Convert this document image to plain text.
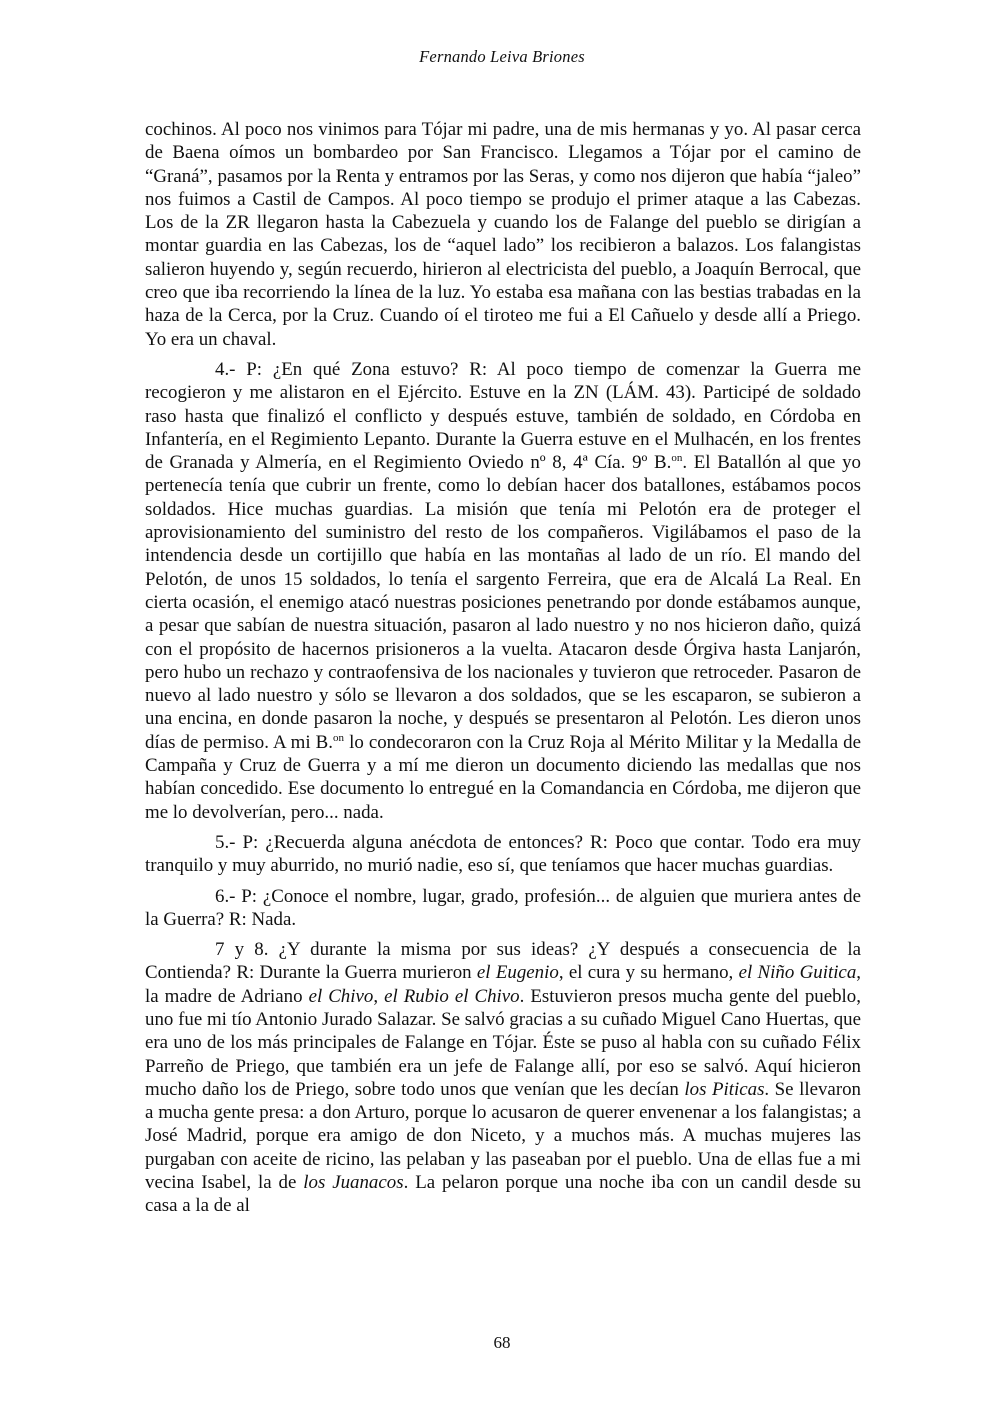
Fernando Leiva Briones

cochinos. Al poco nos vinimos para Tójar mi padre, una de mis hermanas y yo. Al pasar cerca de Baena oímos un bombardeo por San Francisco. Llegamos a Tójar por el camino de “Graná”, pasamos por la Renta y entramos por las Seras, y como nos dijeron que había “jaleo” nos fuimos a Castil de Campos. Al poco tiempo se produjo el primer ataque a las Cabezas. Los de la ZR llegaron hasta la Cabezuela y cuando los de Falange del pueblo se dirigían a montar guardia en las Cabezas, los de “aquel lado” los recibieron a balazos. Los falangistas salieron huyendo y, según recuerdo, hirieron al electricista del pueblo, a Joaquín Berrocal, que creo que iba recorriendo la línea de la luz. Yo estaba esa mañana con las bestias trabadas en la haza de la Cerca, por la Cruz. Cuando oí el tiroteo me fui a El Cañuelo y desde allí a Priego. Yo era un chaval.

4.- P: ¿En qué Zona estuvo? R: Al poco tiempo de comenzar la Guerra me recogieron y me alistaron en el Ejército. Estuve en la ZN (LÁM. 43). Participé de soldado raso hasta que finalizó el conflicto y después estuve, también de soldado, en Córdoba en Infantería, en el Regimiento Lepanto. Durante la Guerra estuve en el Mulhacén, en los frentes de Granada y Almería, en el Regimiento Oviedo nº 8, 4ª Cía. 9º B.$^{on}$. El Batallón al que yo pertenecía tenía que cubrir un frente, como lo debían hacer dos batallones, estábamos pocos soldados. Hice muchas guardias. La misión que tenía mi Pelotón era de proteger el aprovisionamiento del suministro del resto de los compañeros. Vigilábamos el paso de la intendencia desde un cortijillo que había en las montañas al lado de un río. El mando del Pelotón, de unos 15 soldados, lo tenía el sargento Ferreira, que era de Alcalá La Real. En cierta ocasión, el enemigo atacó nuestras posiciones penetrando por donde estábamos aunque, a pesar que sabían de nuestra situación, pasaron al lado nuestro y no nos hicieron daño, quizá con el propósito de hacernos prisioneros a la vuelta. Atacaron desde Órgiva hasta Lanjarón, pero hubo un rechazo y contraofensiva de los nacionales y tuvieron que retroceder. Pasaron de nuevo al lado nuestro y sólo se llevaron a dos soldados, que se les escaparon, se subieron a una encina, en donde pasaron la noche, y después se presentaron al Pelotón. Les dieron unos días de permiso. A mi B.$^{on}$ lo condecoraron con la Cruz Roja al Mérito Militar y la Medalla de Campaña y Cruz de Guerra y a mí me dieron un documento diciendo las medallas que nos habían concedido. Ese documento lo entregué en la Comandancia en Córdoba, me dijeron que me lo devolverían, pero... nada.

5.- P: ¿Recuerda alguna anécdota de entonces? R: Poco que contar. Todo era muy tranquilo y muy aburrido, no murió nadie, eso sí, que teníamos que hacer muchas guardias.

6.- P: ¿Conoce el nombre, lugar, grado, profesión... de alguien que muriera antes de la Guerra? R: Nada.

7 y 8. ¿Y durante la misma por sus ideas? ¿Y después a consecuencia de la Contienda? R: Durante la Guerra murieron el Eugenio, el cura y su hermano, el Niño Guitica, la madre de Adriano el Chivo, el Rubio el Chivo. Estuvieron presos mucha gente del pueblo, uno fue mi tío Antonio Jurado Salazar. Se salvó gracias a su cuñado Miguel Cano Huertas, que era uno de los más principales de Falange en Tójar. Éste se puso al habla con su cuñado Félix Parreño de Priego, que también era un jefe de Falange allí, por eso se salvó. Aquí hicieron mucho daño los de Priego, sobre todo unos que venían que les decían los Piticas. Se llevaron a mucha gente presa: a don Arturo, porque lo acusaron de querer envenenar a los falangistas; a José Madrid, porque era amigo de don Niceto, y a muchos más. A muchas mujeres las purgaban con aceite de ricino, las pelaban y las paseaban por el pueblo. Una de ellas fue a mi vecina Isabel, la de los Juanacos. La pelaron porque una noche iba con un candil desde su casa a la de al

68
